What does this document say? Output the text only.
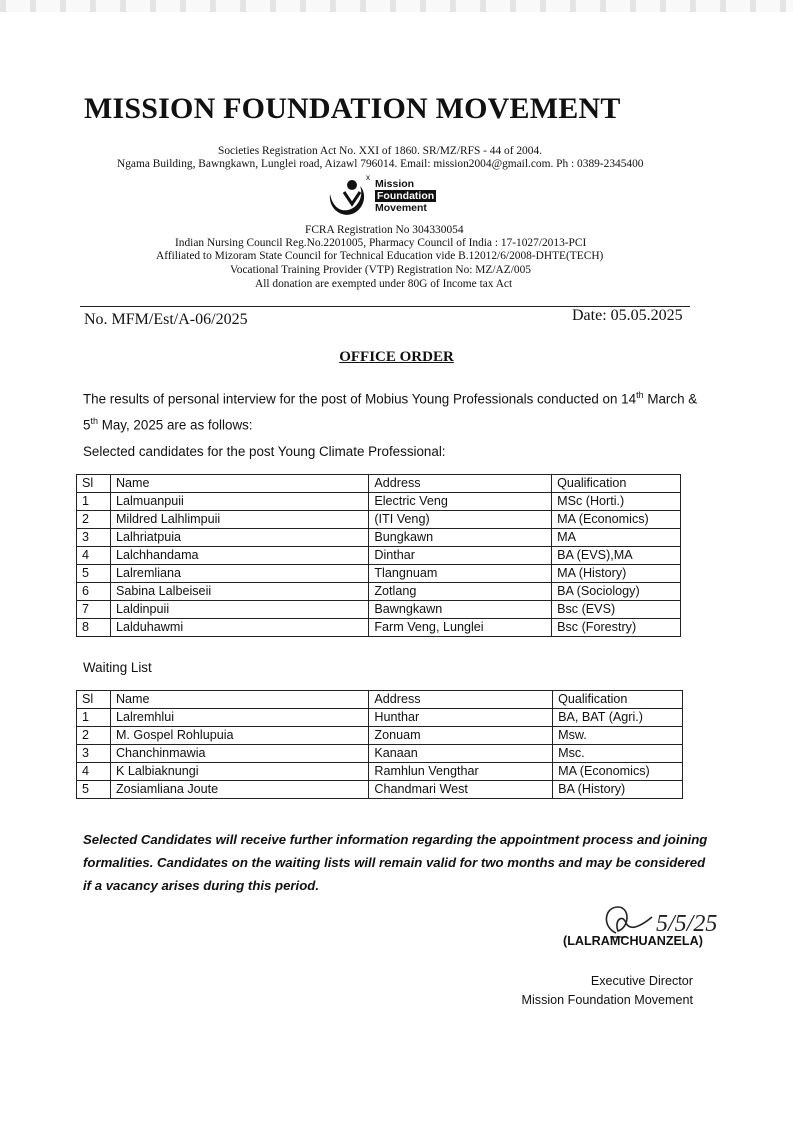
MISSION FOUNDATION MOVEMENT
Societies Registration Act No. XXI of 1860. SR/MZ/RFS - 44 of 2004.
Ngama Building, Bawngkawn, Lunglei road, Aizawl 796014. Email: mission2004@gmail.com. Ph : 0389-2345400
x
Mission
Foundation
Movement
FCRA Registration No 304330054
Indian Nursing Council Reg.No.2201005, Pharmacy Council of India : 17-1027/2013-PCI
Affiliated to Mizoram State Council for Technical Education vide B.12012/6/2008-DHTE(TECH)
Vocational Training Provider (VTP) Registration No: MZ/AZ/005
All donation are exempted under 80G of Income tax Act
No. MFM/Est/A-06/2025	Date: 05.05.2025
OFFICE ORDER
The results of personal interview for the post of Mobius Young Professionals conducted on 14th March &
5th May, 2025 are as follows:
Selected candidates for the post Young Climate Professional:
Sl	Name	Address	Qualification
1	Lalmuanpuii	Electric Veng	MSc (Horti.)
2	Mildred Lalhlimpuii	(ITI Veng)	MA (Economics)
3	Lalhriatpuia	Bungkawn	MA
4	Lalchhandama	Dinthar	BA (EVS),MA
5	Lalremliana	Tlangnuam	MA (History)
6	Sabina Lalbeiseii	Zotlang	BA (Sociology)
7	Laldinpuii	Bawngkawn	Bsc (EVS)
8	Lalduhawmi	Farm Veng, Lunglei	Bsc (Forestry)
Waiting List
Sl	Name	Address	Qualification
1	Lalremhlui	Hunthar	BA, BAT (Agri.)
2	M. Gospel Rohlupuia	Zonuam	Msw.
3	Chanchinmawia	Kanaan	Msc.
4	K Lalbiaknungi	Ramhlun Vengthar	MA (Economics)
5	Zosiamliana Joute	Chandmari West	BA (History)
Selected Candidates will receive further information regarding the appointment process and joining formalities. Candidates on the waiting lists will remain valid for two months and may be considered if a vacancy arises during this period.
5/5/25
(LALRAMCHUANZELA)
Executive Director
Mission Foundation Movement
